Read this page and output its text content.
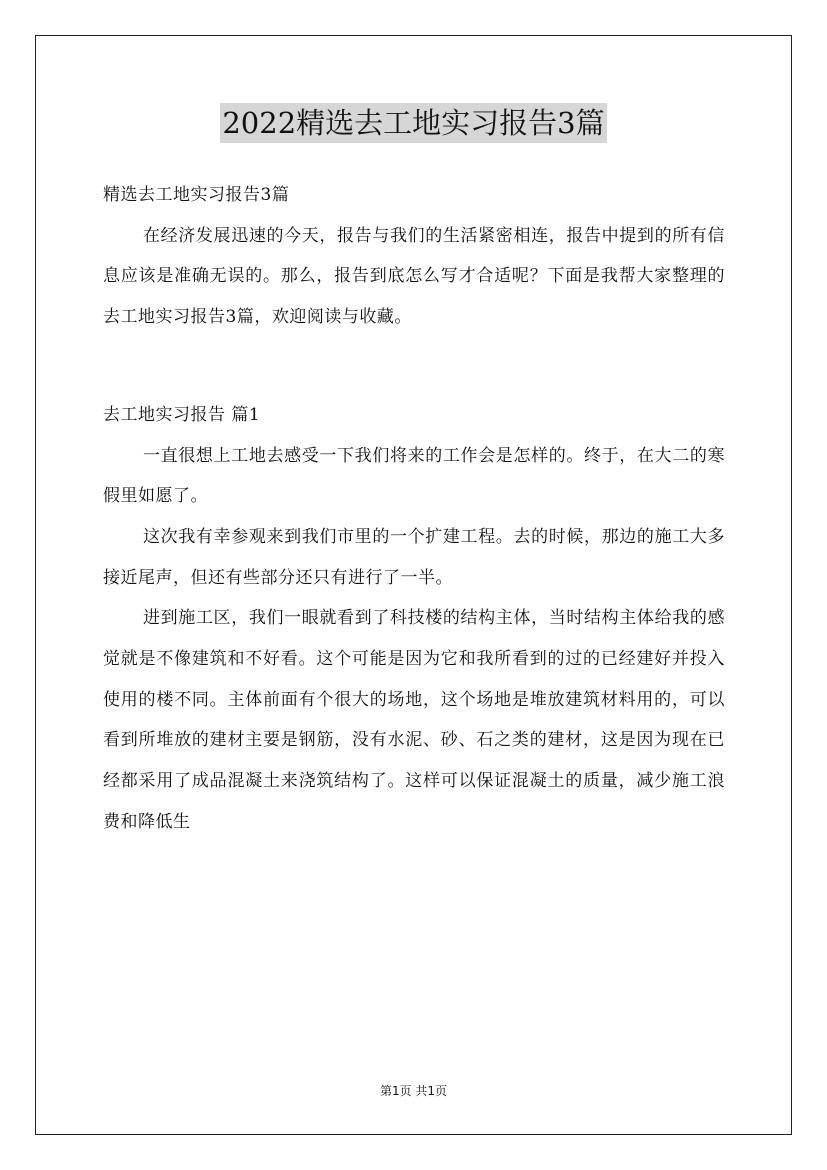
2022精选去工地实习报告3篇

精选去工地实习报告3篇

在经济发展迅速的今天，报告与我们的生活紧密相连，报告中提到的所有信息应该是准确无误的。那么，报告到底怎么写才合适呢？下面是我帮大家整理的去工地实习报告3篇，欢迎阅读与收藏。

去工地实习报告 篇1

一直很想上工地去感受一下我们将来的工作会是怎样的。终于，在大二的寒假里如愿了。

这次我有幸参观来到我们市里的一个扩建工程。去的时候，那边的施工大多接近尾声，但还有些部分还只有进行了一半。

进到施工区，我们一眼就看到了科技楼的结构主体，当时结构主体给我的感觉就是不像建筑和不好看。这个可能是因为它和我所看到的过的已经建好并投入使用的楼不同。主体前面有个很大的场地，这个场地是堆放建筑材料用的，可以看到所堆放的建材主要是钢筋，没有水泥、砂、石之类的建材，这是因为现在已经都采用了成品混凝土来浇筑结构了。这样可以保证混凝土的质量，减少施工浪费和降低生

第1页 共1页
